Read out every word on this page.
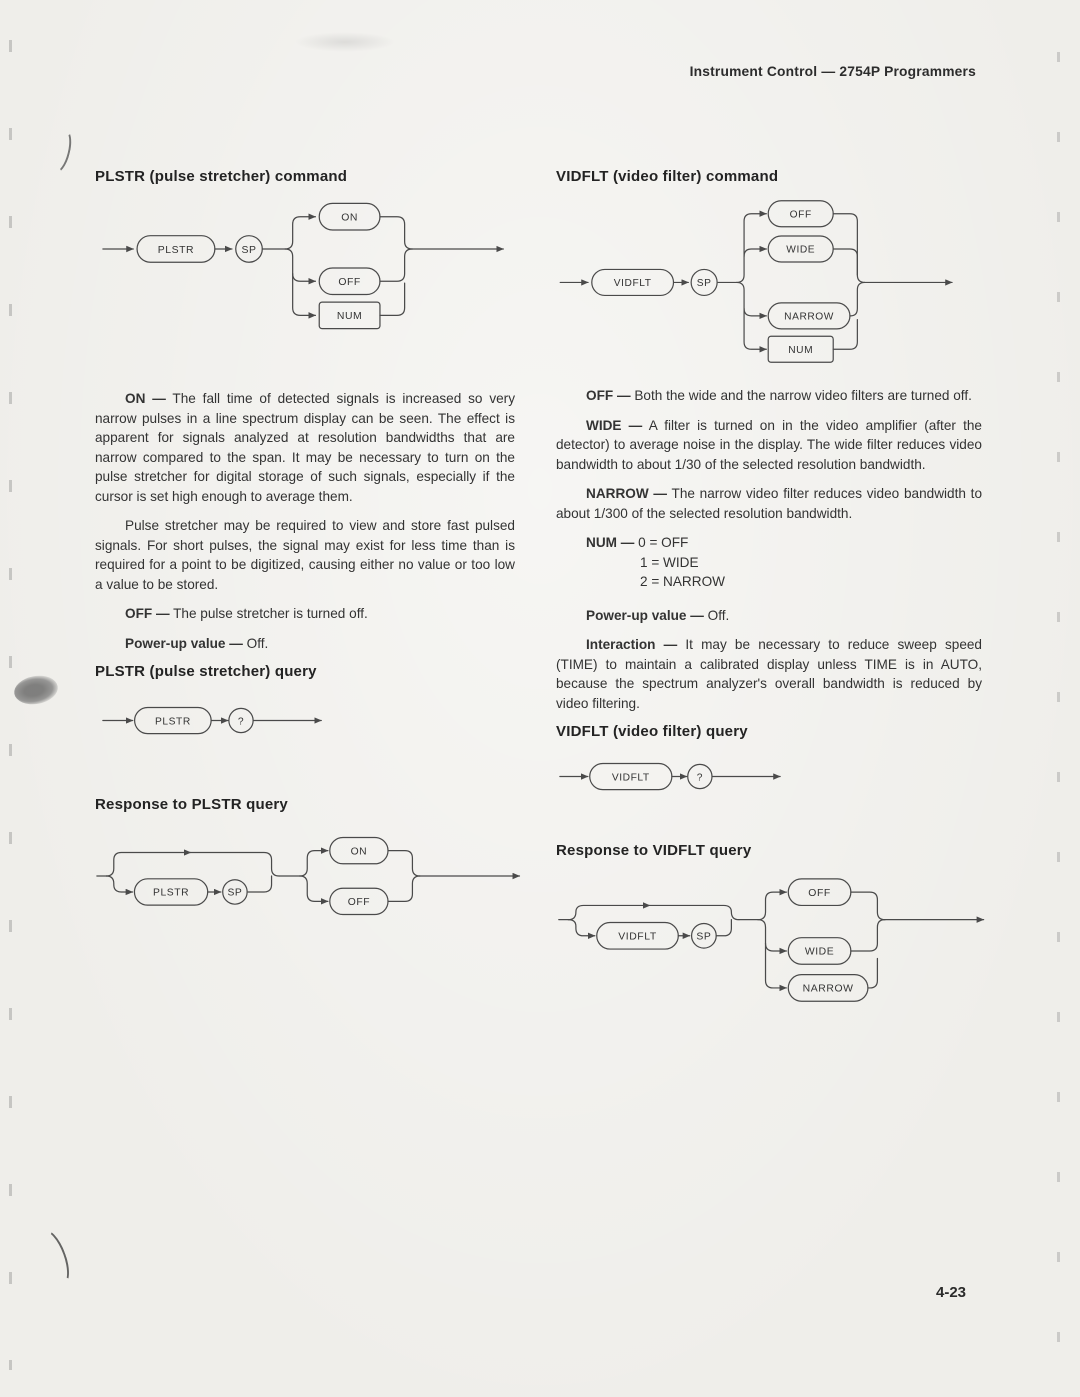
Instrument Control — 2754P Programmers
PLSTR (pulse stretcher) command
PLSTR	SP
ON
OFF
NUM

ON — The fall time of detected signals is increased so very narrow pulses in a line spectrum display can be seen. The effect is apparent for signals analyzed at resolution bandwidths that are narrow compared to the span. It may be necessary to turn on the pulse stretcher for digital storage of such signals, especially if the cursor is set high enough to average them.

Pulse stretcher may be required to view and store fast pulsed signals. For short pulses, the signal may exist for less time than is required for a point to be digitized, causing either no value or too low a value to be stored.

OFF — The pulse stretcher is turned off.

Power-up value — Off.

PLSTR (pulse stretcher) query
PLSTR	?
Response to PLSTR query
PLSTR	SP
ON
OFF
VIDFLT (video filter) command
VIDFLT	SP
OFF
WIDE
NARROW
NUM

OFF — Both the wide and the narrow video filters are turned off.

WIDE — A filter is turned on in the video amplifier (after the detector) to average noise in the display. The wide filter reduces video bandwidth to about 1/30 of the selected resolution bandwidth.

NARROW — The narrow video filter reduces video bandwidth to about 1/300 of the selected resolution bandwidth.

NUM — 0 = OFF
1 = WIDE
2 = NARROW

Power-up value — Off.

Interaction — It may be necessary to reduce sweep speed (TIME) to maintain a calibrated display unless TIME is in AUTO, because the spectrum analyzer's overall bandwidth is reduced by video filtering.

VIDFLT (video filter) query
VIDFLT	?
Response to VIDFLT query
VIDFLT	SP
OFF
WIDE
NARROW
4-23
